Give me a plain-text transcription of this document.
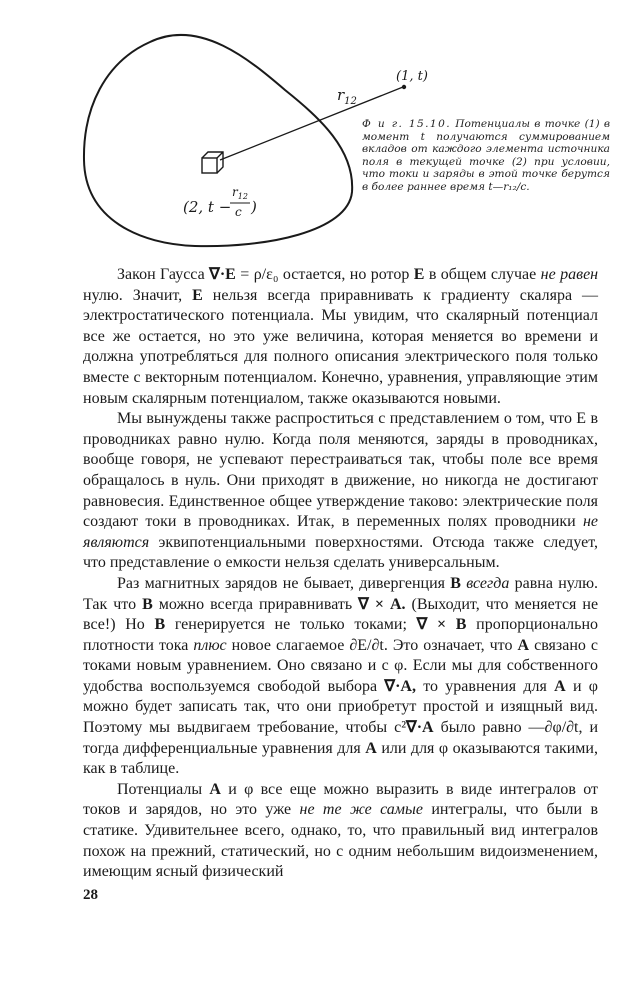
(1, t)
$r_{12}$
(2, t −
$r_{12}$
c )
Ф и г. 15.10. Потенциалы в точке (1) в момент t получаются суммированием вкладов от каждого элемента источника поля в текущей точке (2) при условии, что токи и заряды в этой точке берутся в более раннее время t—r₁₂/c.

Закон Гаусса ∇·E = ρ/ε₀ остается, но ротор E в общем случае не равен нулю. Значит, E нельзя всегда приравнивать к градиенту скаляра — электростатического потенциала. Мы увидим, что скалярный потенциал все же остается, но это уже величина, которая меняется во времени и должна употребляться для полного описания электрического поля только вместе с векторным потенциалом. Конечно, уравнения, управляющие этим новым скалярным потенциалом, также оказываются новыми.

Мы вынуждены также распроститься с представлением о том, что E в проводниках равно нулю. Когда поля меняются, заряды в проводниках, вообще говоря, не успевают перестраиваться так, чтобы поле все время обращалось в нуль. Они приходят в движение, но никогда не достигают равновесия. Единственное общее утверждение таково: электрические поля создают токи в проводниках. Итак, в переменных полях проводники не являются эквипотенциальными поверхностями. Отсюда также следует, что представление о емкости нельзя сделать универсальным.

Раз магнитных зарядов не бывает, дивергенция B всегда равна нулю. Так что B можно всегда приравнивать ∇ × A. (Выходит, что меняется не все!) Но B генерируется не только токами; ∇ × B пропорционально плотности тока плюс новое слагаемое ∂E/∂t. Это означает, что A связано с токами новым уравнением. Оно связано и с φ. Если мы для собственного удобства воспользуемся свободой выбора ∇·A, то уравнения для A и φ можно будет записать так, что они приобретут простой и изящный вид. Поэтому мы выдвигаем требование, чтобы c²∇·A было равно —∂φ/∂t, и тогда дифференциальные уравнения для A или для φ оказываются такими, как в таблице.

Потенциалы A и φ все еще можно выразить в виде интегралов от токов и зарядов, но это уже не те же самые интегралы, что были в статике. Удивительнее всего, однако, то, что правильный вид интегралов похож на прежний, статический, но с одним небольшим видоизменением, имеющим ясный физический

28
